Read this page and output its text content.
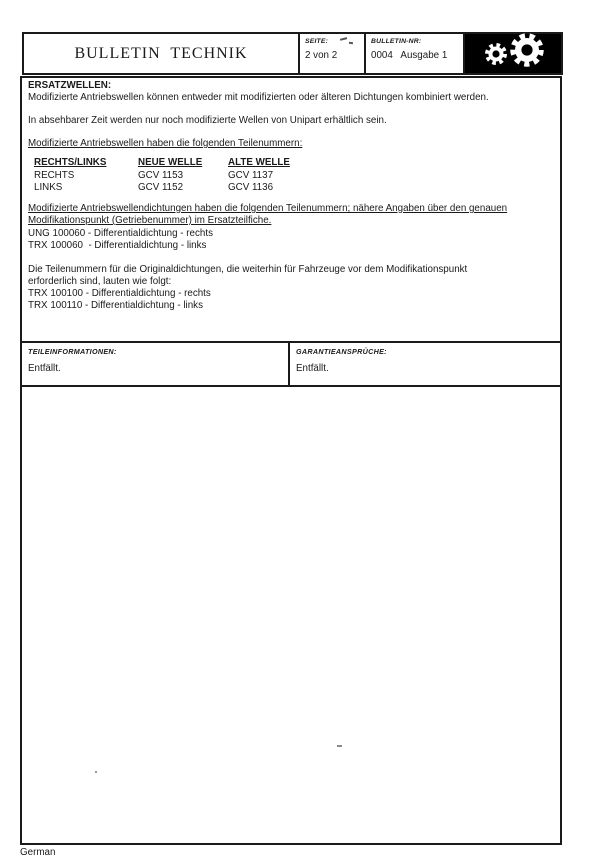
BULLETIN TECHNIK
SEITE:
2 von 2
BULLETIN-NR:
0004   Ausgabe 1
ERSATZWELLEN:
Modifizierte Antriebswellen können entweder mit modifizierten oder älteren Dichtungen kombiniert werden.
In absehbarer Zeit werden nur noch modifizierte Wellen von Unipart erhältlich sein.
Modifizierte Antriebswellen haben die folgenden Teilenummern:
RECHTS/LINKS	NEUE WELLE	ALTE WELLE
RECHTS	GCV 1153	GCV 1137
LINKS	GCV 1152	GCV 1136
Modifizierte Antriebswellendichtungen haben die folgenden Teilenummern; nähere Angaben über den genauen
Modifikationspunkt (Getriebenummer) im Ersatzteilfiche.
UNG 100060 - Differentialdichtung - rechts
TRX 100060  - Differentialdichtung - links
Die Teilenummern für die Originaldichtungen, die weiterhin für Fahrzeuge vor dem Modifikationspunkt
erforderlich sind, lauten wie folgt:
TRX 100100 - Differentialdichtung - rechts
TRX 100110 - Differentialdichtung - links
TEILEINFORMATIONEN:
Entfällt.
GARANTIEANSPRÜCHE:
Entfällt.
German
